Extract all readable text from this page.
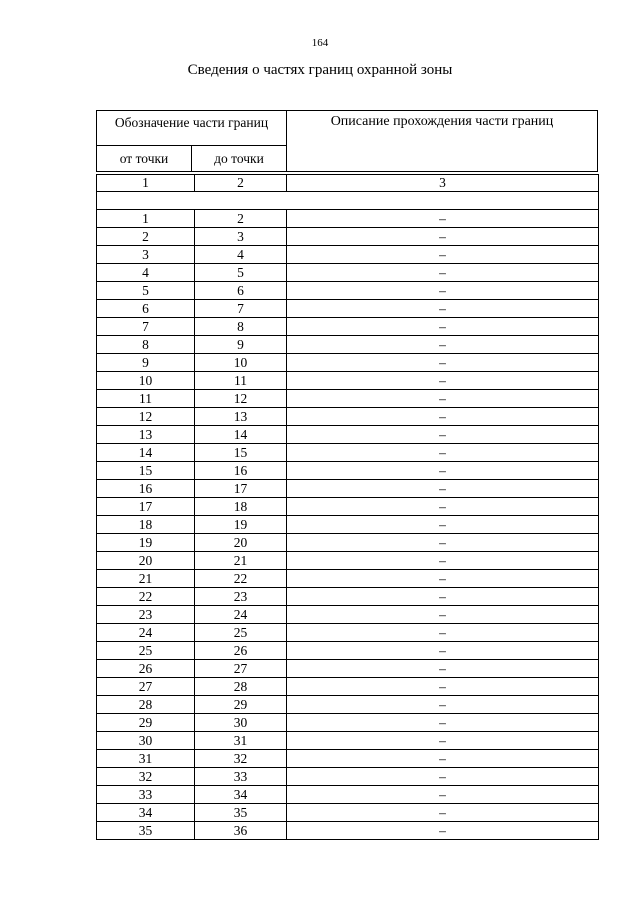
164
Сведения о частях границ охранной зоны
Обозначение части границ
от точки	до точки
Описание прохождения части границ
1	2	3

1	2	–
2	3	–
3	4	–
4	5	–
5	6	–
6	7	–
7	8	–
8	9	–
9	10	–
10	11	–
11	12	–
12	13	–
13	14	–
14	15	–
15	16	–
16	17	–
17	18	–
18	19	–
19	20	–
20	21	–
21	22	–
22	23	–
23	24	–
24	25	–
25	26	–
26	27	–
27	28	–
28	29	–
29	30	–
30	31	–
31	32	–
32	33	–
33	34	–
34	35	–
35	36	–
